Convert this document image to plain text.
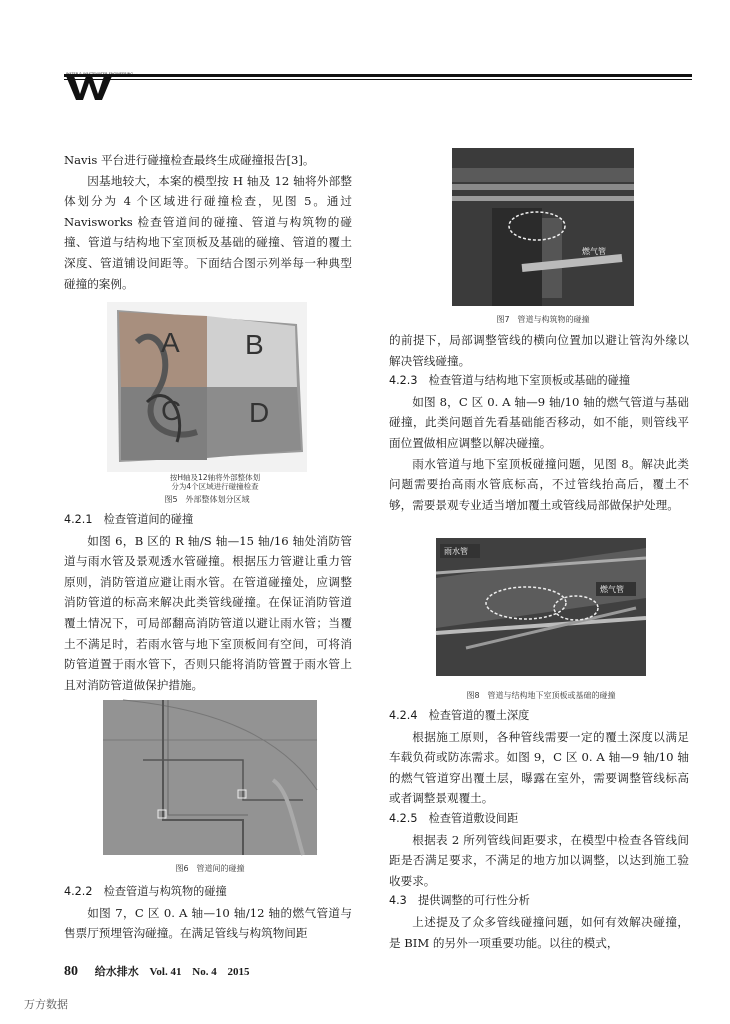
Navis 平台进行碰撞检查最终生成碰撞报告[3]。

因基地较大，本案的模型按 H 轴及 12 轴将外部整体划分为 4 个区域进行碰撞检查，见图 5。通过 Navisworks 检查管道间的碰撞、管道与构筑物的碰撞、管道与结构地下室顶板及基础的碰撞、管道的覆土深度、管道铺设间距等。下面结合图示列举每一种典型碰撞的案例。

A B
C D
按H轴及12轴将外部整体划
分为4个区域进行碰撞检查
图5　外部整体划分区域

4.2.1　检查管道间的碰撞

如图 6，B 区的 R 轴/S 轴—15 轴/16 轴处消防管道与雨水管及景观透水管碰撞。根据压力管避让重力管原则，消防管道应避让雨水管。在管道碰撞处，应调整消防管道的标高来解决此类管线碰撞。在保证消防管道覆土情况下，可局部翻高消防管道以避让雨水管；当覆土不满足时，若雨水管与地下室顶板间有空间，可将消防管道置于雨水管下，否则只能将消防管置于雨水管上且对消防管道做保护措施。

图6　管道间的碰撞

4.2.2　检查管道与构筑物的碰撞

如图 7，C 区 0. A 轴—10 轴/12 轴的燃气管道与售票厅预埋管沟碰撞。在满足管线与构筑物间距

燃气管
图7　管道与构筑物的碰撞

的前提下，局部调整管线的横向位置加以避让管沟外缘以解决管线碰撞。

4.2.3　检查管道与结构地下室顶板或基础的碰撞

如图 8，C 区 0. A 轴—9 轴/10 轴的燃气管道与基础碰撞，此类问题首先看基础能否移动，如不能，则管线平面位置做相应调整以解决碰撞。

雨水管道与地下室顶板碰撞问题，见图 8。解决此类问题需要抬高雨水管底标高，不过管线抬高后，覆土不够，需要景观专业适当增加覆土或管线局部做保护处理。

雨水管
燃气管
图8　管道与结构地下室顶板或基础的碰撞

4.2.4　检查管道的覆土深度

根据施工原则，各种管线需要一定的覆土深度以满足车载负荷或防冻需求。如图 9，C 区 0. A 轴—9 轴/10 轴的燃气管道穿出覆土层，曝露在室外，需要调整管线标高或者调整景观覆土。

4.2.5　检查管道敷设间距

根据表 2 所列管线间距要求，在模型中检查各管线间距是否满足要求，不满足的地方加以调整，以达到施工验收要求。

4.3　提供调整的可行性分析

上述提及了众多管线碰撞问题，如何有效解决碰撞，是 BIM 的另外一项重要功能。以往的模式，

80 给水排水 Vol. 41 No. 4 2015
万方数据
